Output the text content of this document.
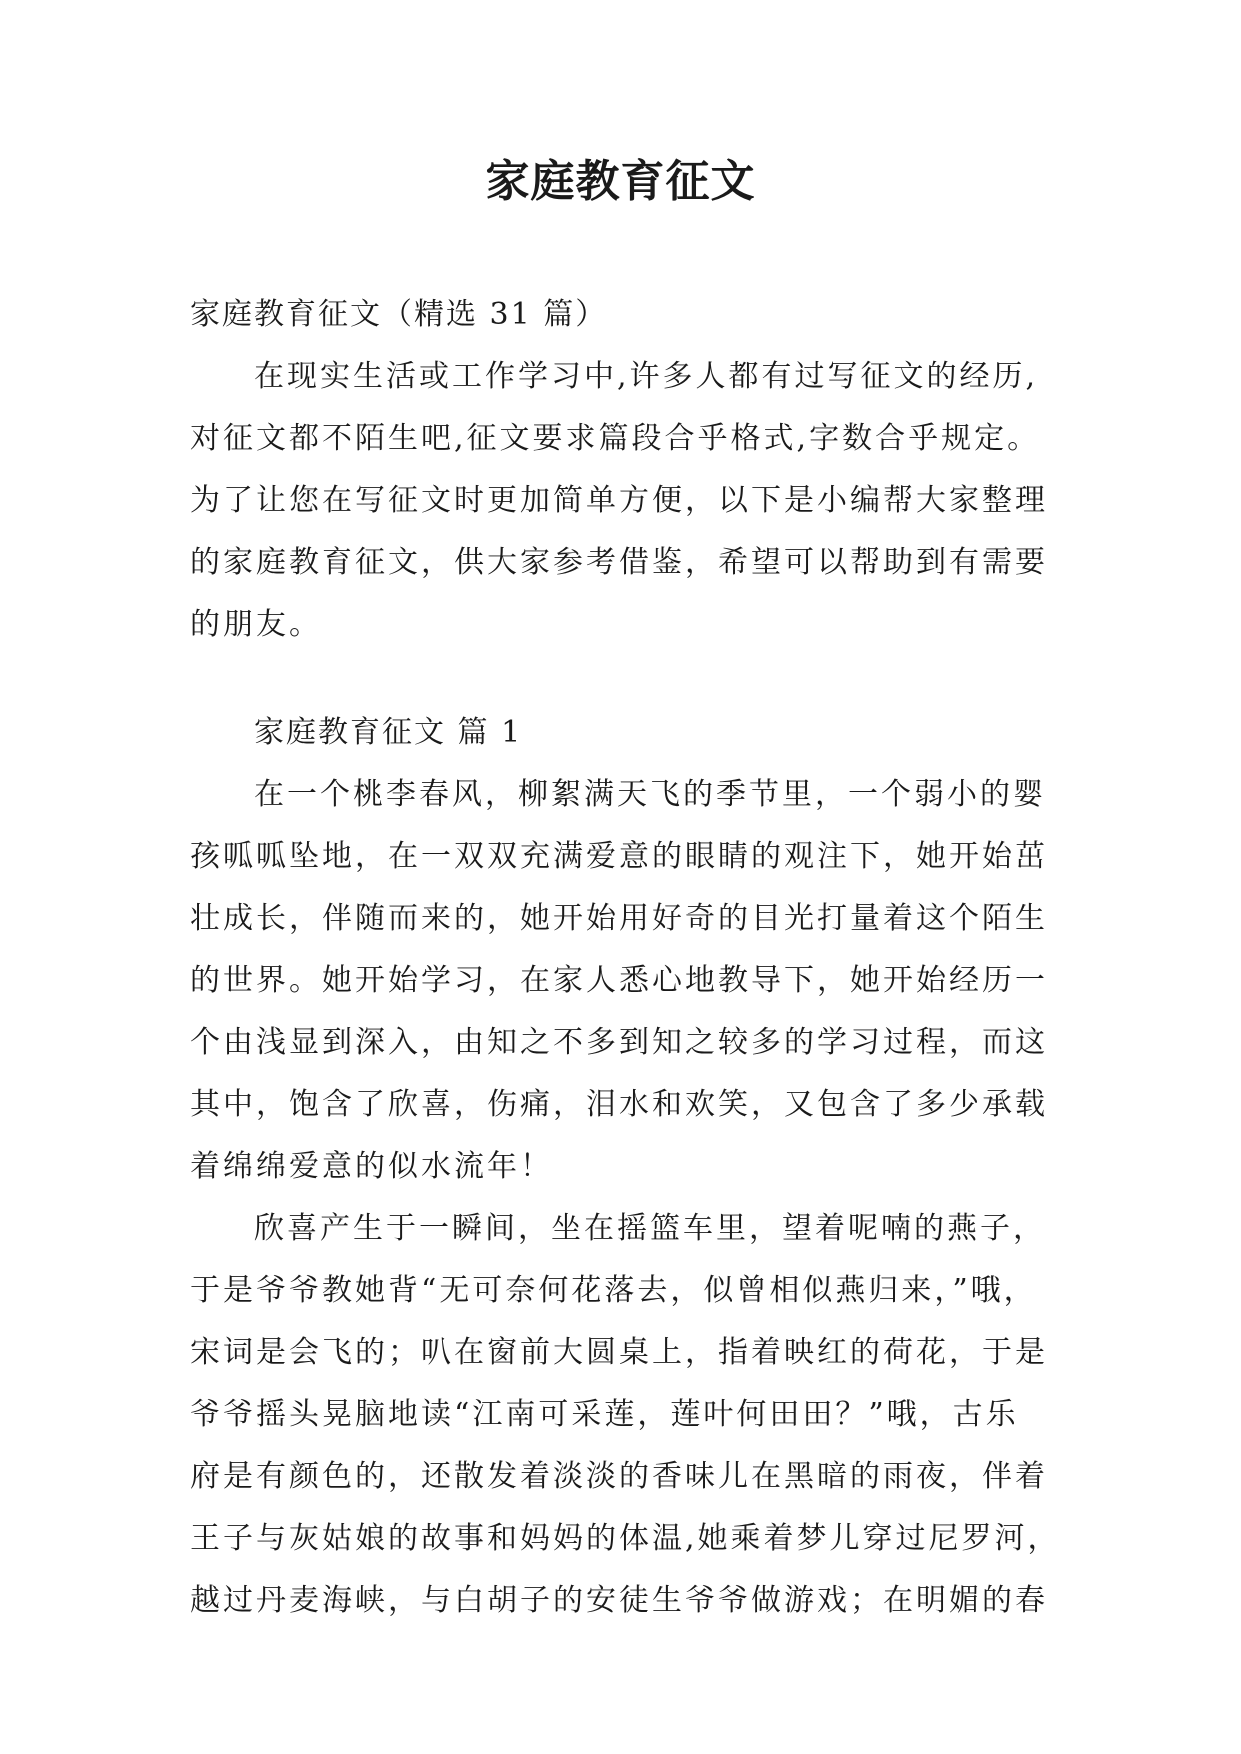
家庭教育征文
家庭教育征文（精选 31 篇）
在现实生活或工作学习中,许多人都有过写征文的经历,
对征文都不陌生吧,征文要求篇段合乎格式,字数合乎规定。
为了让您在写征文时更加简单方便，以下是小编帮大家整理
的家庭教育征文，供大家参考借鉴，希望可以帮助到有需要
的朋友。
家庭教育征文 篇 1
在一个桃李春风，柳絮满天飞的季节里，一个弱小的婴
孩呱呱坠地，在一双双充满爱意的眼睛的观注下，她开始茁
壮成长，伴随而来的，她开始用好奇的目光打量着这个陌生
的世界。她开始学习，在家人悉心地教导下，她开始经历一
个由浅显到深入，由知之不多到知之较多的学习过程，而这
其中，饱含了欣喜，伤痛，泪水和欢笑，又包含了多少承载
着绵绵爱意的似水流年！
欣喜产生于一瞬间，坐在摇篮车里，望着呢喃的燕子，
于是爷爷教她背“无可奈何花落去，似曾相似燕归来，”哦，
宋词是会飞的；叭在窗前大圆桌上，指着映红的荷花，于是
爷爷摇头晃脑地读“江南可采莲，莲叶何田田？”哦，古乐
府是有颜色的，还散发着淡淡的香味儿在黑暗的雨夜，伴着
王子与灰姑娘的故事和妈妈的体温,她乘着梦儿穿过尼罗河，
越过丹麦海峡，与白胡子的安徒生爷爷做游戏；在明媚的春
